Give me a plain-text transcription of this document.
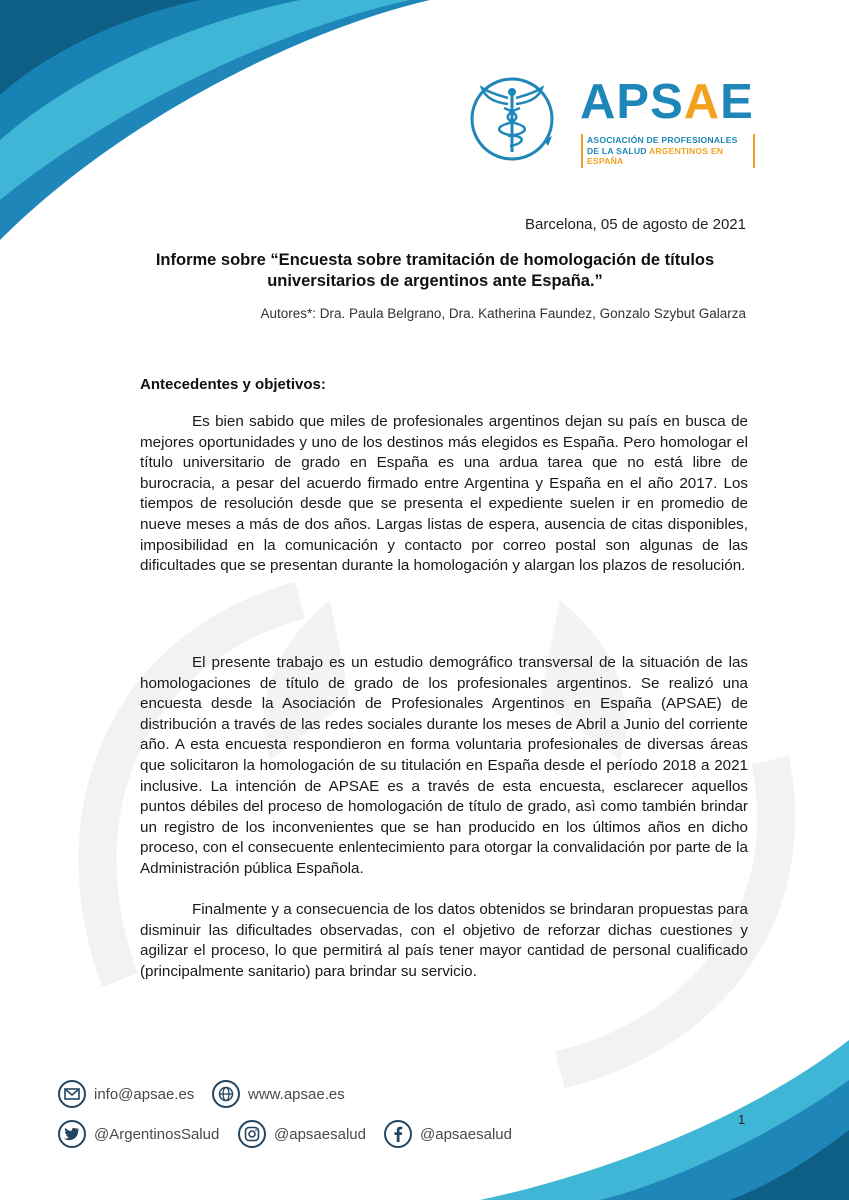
APSAE
ASOCIACIÓN DE PROFESIONALES
DE LA SALUD ARGENTINOS EN ESPAÑA
Barcelona, 05 de agosto de 2021
Informe sobre “Encuesta sobre tramitación de homologación de títulos universitarios de argentinos ante España.”
Autores*: Dra. Paula Belgrano, Dra. Katherina Faundez, Gonzalo Szybut Galarza
Antecedentes y objetivos:

Es bien sabido que miles de profesionales argentinos dejan su país en busca de mejores oportunidades y uno de los destinos más elegidos es España. Pero homologar el título universitario de grado en España es una ardua tarea que no está libre de burocracia, a pesar del acuerdo firmado entre Argentina y España en el año 2017. Los tiempos de resolución desde que se presenta el expediente suelen ir en promedio de nueve meses a más de dos años. Largas listas de espera, ausencia de citas disponibles, imposibilidad en la comunicación y contacto por correo postal son algunas de las dificultades que se presentan durante la homologación y alargan los plazos de resolución.

El presente trabajo es un estudio demográfico transversal de la situación de las homologaciones de título de grado de los profesionales argentinos. Se realizó una encuesta desde la Asociación de Profesionales Argentinos en España (APSAE) de distribución a través de las redes sociales durante los meses de Abril a Junio del corriente año. A esta encuesta respondieron en forma voluntaria profesionales de diversas áreas que solicitaron la homologación de su titulación en España desde el período 2018 a 2021 inclusive. La intención de APSAE es a través de esta encuesta, esclarecer aquellos puntos débiles del proceso de homologación de título de grado, asì como también brindar un registro de los inconvenientes que se han producido en los últimos años en dicho proceso, con el consecuente enlentecimiento para otorgar la convalidación por parte de la Administración pública Española.

Finalmente y a consecuencia de los datos obtenidos se brindaran propuestas para disminuir las dificultades observadas, con el objetivo de reforzar dichas cuestiones y agilizar el proceso, lo que permitirá al país tener mayor cantidad de personal cualificado (principalmente sanitario) para brindar su servicio.

info@apsae.es	www.apsae.es
@ArgentinosSalud	@apsaesalud	@apsaesalud
1
